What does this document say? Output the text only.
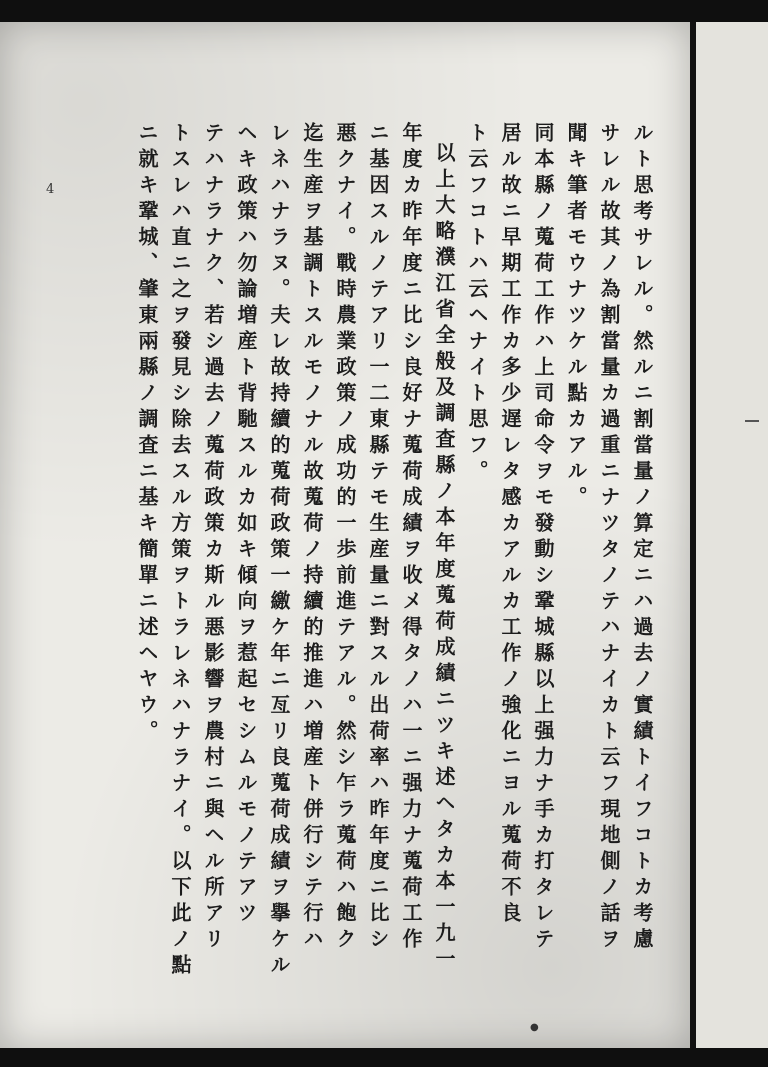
4	ルト思考サレル。然ルニ割當量ノ算定ニハ過去ノ實績トイフコトカ考慮
サレル故其ノ為割當量カ過重ニナツタノテハナイカト云フ現地側ノ話ヲ
聞キ筆者モウナツケル點カアル。
同本縣ノ蒐荷工作ハ上司命令ヲモ發動シ鞏城縣以上强力ナ手カ打タレテ
居ル故ニ早期工作カ多少遅レタ感カアルカ工作ノ強化ニヨル蒐荷不良
ト云フコトハ云ヘナイト思フ。
以上大略濮江省全般及調査縣ノ本年度蒐荷成績ニツキ述ヘタカ本一九一
年度カ昨年度ニ比シ良好ナ蒐荷成績ヲ收メ得タノハ一ニ强力ナ蒐荷工作
ニ基因スルノテアリ一二東縣テモ生産量ニ對スル出荷率ハ昨年度ニ比シ
悪クナイ。戰時農業政策ノ成功的一歩前進テアル。然シ乍ラ蒐荷ハ飽ク
迄生産ヲ基調トスルモノナル故蒐荷ノ持續的推進ハ増産ト併行シテ行ハ
レネハナラヌ。夫レ故持續的蒐荷政策一繳ケ年ニ亙リ良蒐荷成績ヲ擧ケル
ヘキ政策ハ勿論増産ト背馳スルカ如キ傾向ヲ惹起セシムルモノテアツ
テハナラナク、若シ過去ノ蒐荷政策カ斯ル悪影響ヲ農村ニ與ヘル所アリ
トスレハ直ニ之ヲ發見シ除去スル方策ヲトラレネハナラナイ。以下此ノ點
ニ就キ鞏城、肇東兩縣ノ調査ニ基キ簡單ニ述ヘヤウ。
●
